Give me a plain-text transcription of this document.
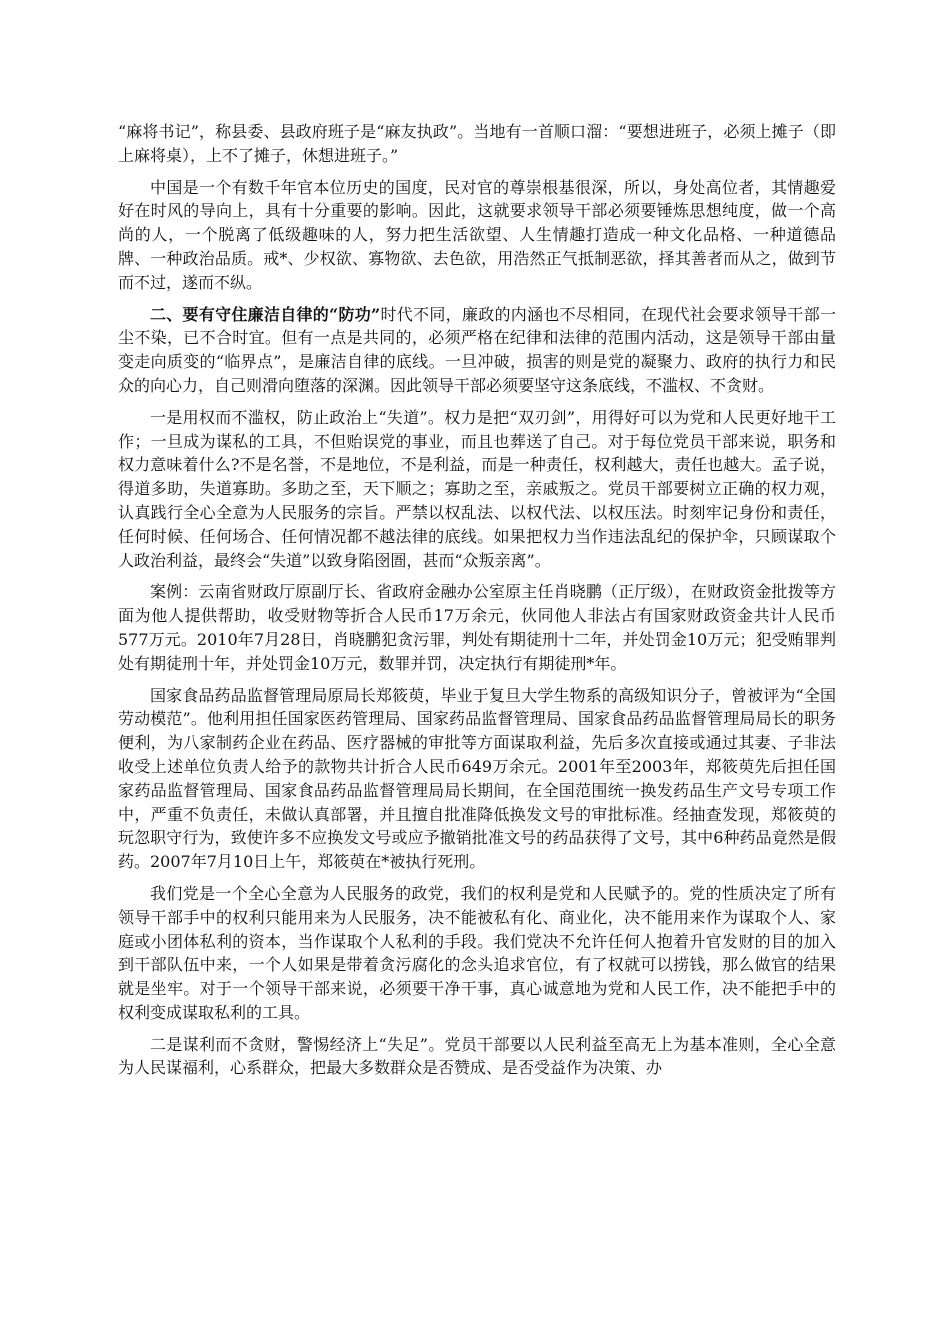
“麻将书记”，称县委、县政府班子是“麻友执政”。当地有一首顺口溜：“要想进班子，必须上摊子（即上麻将桌），上不了摊子，休想进班子。”

中国是一个有数千年官本位历史的国度，民对官的尊崇根基很深，所以，身处高位者，其情趣爱好在时风的导向上，具有十分重要的影响。因此，这就要求领导干部必须要锤炼思想纯度，做一个高尚的人，一个脱离了低级趣味的人，努力把生活欲望、人生情趣打造成一种文化品格、一种道德品牌、一种政治品质。戒*、少权欲、寡物欲、去色欲，用浩然正气抵制恶欲，择其善者而从之，做到节而不过，遂而不纵。

二、要有守住廉洁自律的“防功”时代不同，廉政的内涵也不尽相同，在现代社会要求领导干部一尘不染，已不合时宜。但有一点是共同的，必须严格在纪律和法律的范围内活动，这是领导干部由量变走向质变的“临界点”，是廉洁自律的底线。一旦冲破，损害的则是党的凝聚力、政府的执行力和民众的向心力，自己则滑向堕落的深渊。因此领导干部必须要坚守这条底线，不滥权、不贪财。

一是用权而不滥权，防止政治上“失道”。权力是把“双刃剑”，用得好可以为党和人民更好地干工作；一旦成为谋私的工具，不但贻误党的事业，而且也葬送了自己。对于每位党员干部来说，职务和权力意味着什么?不是名誉，不是地位，不是利益，而是一种责任，权利越大，责任也越大。孟子说，得道多助，失道寡助。多助之至，天下顺之；寡助之至，亲戚叛之。党员干部要树立正确的权力观，认真践行全心全意为人民服务的宗旨。严禁以权乱法、以权代法、以权压法。时刻牢记身份和责任，任何时候、任何场合、任何情况都不越法律的底线。如果把权力当作违法乱纪的保护伞，只顾谋取个人政治利益，最终会“失道”以致身陷囹圄，甚而“众叛亲离”。

案例：云南省财政厅原副厅长、省政府金融办公室原主任肖晓鹏（正厅级），在财政资金批拨等方面为他人提供帮助，收受财物等折合人民币17万余元，伙同他人非法占有国家财政资金共计人民币577万元。2010年7月28日，肖晓鹏犯贪污罪，判处有期徒刑十二年，并处罚金10万元；犯受贿罪判处有期徒刑十年，并处罚金10万元，数罪并罚，决定执行有期徒刑*年。

国家食品药品监督管理局原局长郑筱萸，毕业于复旦大学生物系的高级知识分子，曾被评为“全国劳动模范”。他利用担任国家医药管理局、国家药品监督管理局、国家食品药品监督管理局局长的职务便利，为八家制药企业在药品、医疗器械的审批等方面谋取利益，先后多次直接或通过其妻、子非法收受上述单位负责人给予的款物共计折合人民币649万余元。2001年至2003年，郑筱萸先后担任国家药品监督管理局、国家食品药品监督管理局局长期间，在全国范围统一换发药品生产文号专项工作中，严重不负责任，未做认真部署，并且擅自批准降低换发文号的审批标准。经抽查发现，郑筱萸的玩忽职守行为，致使许多不应换发文号或应予撤销批准文号的药品获得了文号，其中6种药品竟然是假药。2007年7月10日上午，郑筱萸在*被执行死刑。

我们党是一个全心全意为人民服务的政党，我们的权利是党和人民赋予的。党的性质决定了所有领导干部手中的权利只能用来为人民服务，决不能被私有化、商业化，决不能用来作为谋取个人、家庭或小团体私利的资本，当作谋取个人私利的手段。我们党决不允许任何人抱着升官发财的目的加入到干部队伍中来，一个人如果是带着贪污腐化的念头追求官位，有了权就可以捞钱，那么做官的结果就是坐牢。对于一个领导干部来说，必须要干净干事，真心诚意地为党和人民工作，决不能把手中的权利变成谋取私利的工具。

二是谋利而不贪财，警惕经济上“失足”。党员干部要以人民利益至高无上为基本准则，全心全意为人民谋福利，心系群众，把最大多数群众是否赞成、是否受益作为决策、办
